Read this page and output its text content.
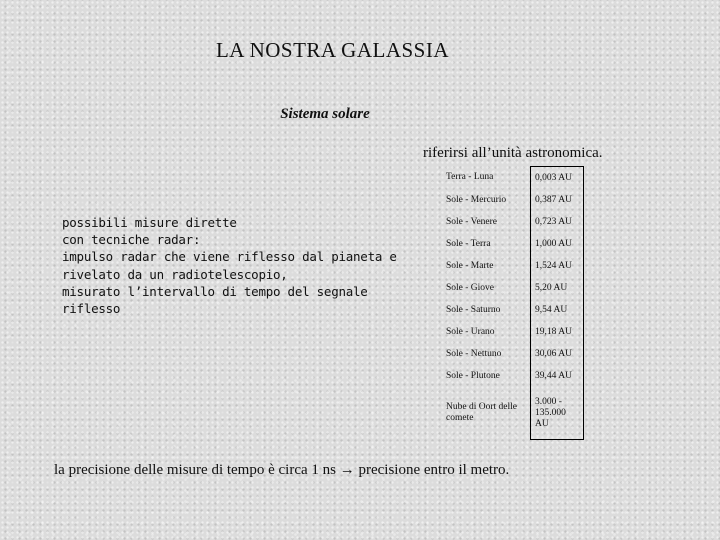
LA NOSTRA GALASSIA
Sistema solare
riferirsi all’unità astronomica.
possibili misure dirette
con tecniche radar:
impulso radar che viene riflesso dal pianeta e
rivelato da un radiotelescopio,
misurato l’intervallo di tempo del segnale
riflesso
Terra - Luna	0,003 AU
Sole - Mercurio	0,387 AU
Sole - Venere	0,723 AU
Sole - Terra	1,000 AU
Sole - Marte	1,524 AU
Sole - Giove	5,20 AU
Sole - Saturno	9,54 AU
Sole - Urano	19,18 AU
Sole - Nettuno	30,06 AU
Sole - Plutone	39,44 AU
Nube di Oort delle comete	3.000 - 135.000 AU
la precisione delle misure di tempo è circa 1 ns → precisione entro il metro.
